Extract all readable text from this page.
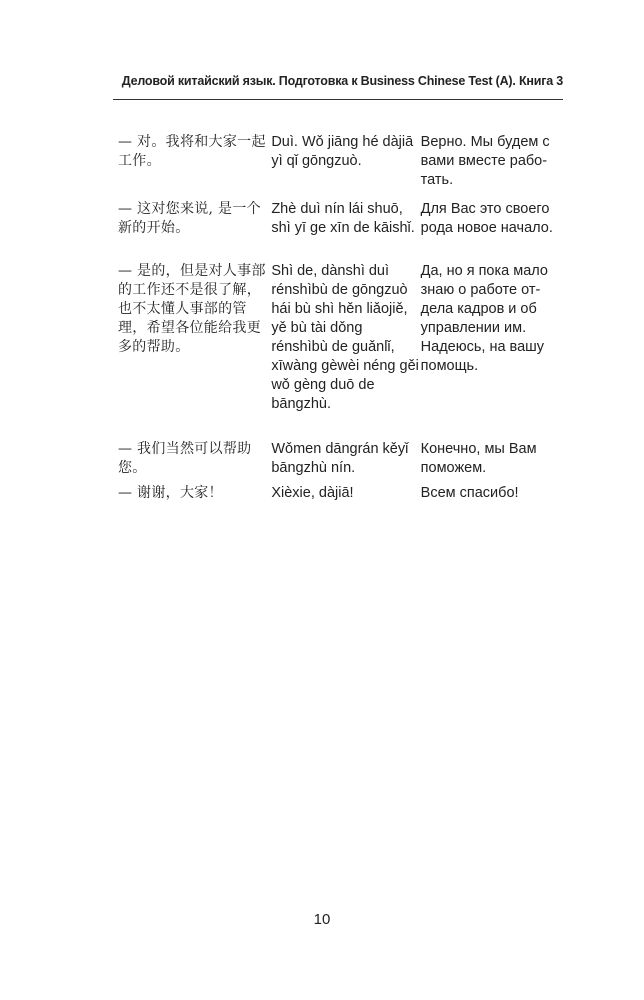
Деловой китайский язык. Подготовка к Business Chinese Test (A). Книга 3
— 对。我将和大家一起工作。
Duì. Wǒ jiāng hé dàjiā yì qǐ gōngzuò.
Верно. Мы будем с вами вместе рабо-тать.
— 这对您来说, 是一个新的开始。
Zhè duì nín lái shuō, shì yī ge xīn de kāishǐ.
Для Вас это своего рода новое начало.
— 是的，但是对人事部的工作还不是很了解，也不太懂人事部的管理，希望各位能给我更多的帮助。
Shì de, dànshì duì rénshìbù de gōngzuò hái bù shì hěn liǎojiě, yě bù tài dǒng rénshìbù de guǎnlǐ, xīwàng gèwèi néng gěi wǒ gèng duō de bāngzhù.
Да, но я пока мало знаю о работе от-дела кадров и об управлении им. Надеюсь, на вашу помощь.
— 我们当然可以帮助您。
Wǒmen dāngrán kěyǐ bāngzhù nín.
Конечно, мы Вам поможем.
— 谢谢，大家！	Xièxie, dàjiā!	Всем спасибо!
10
